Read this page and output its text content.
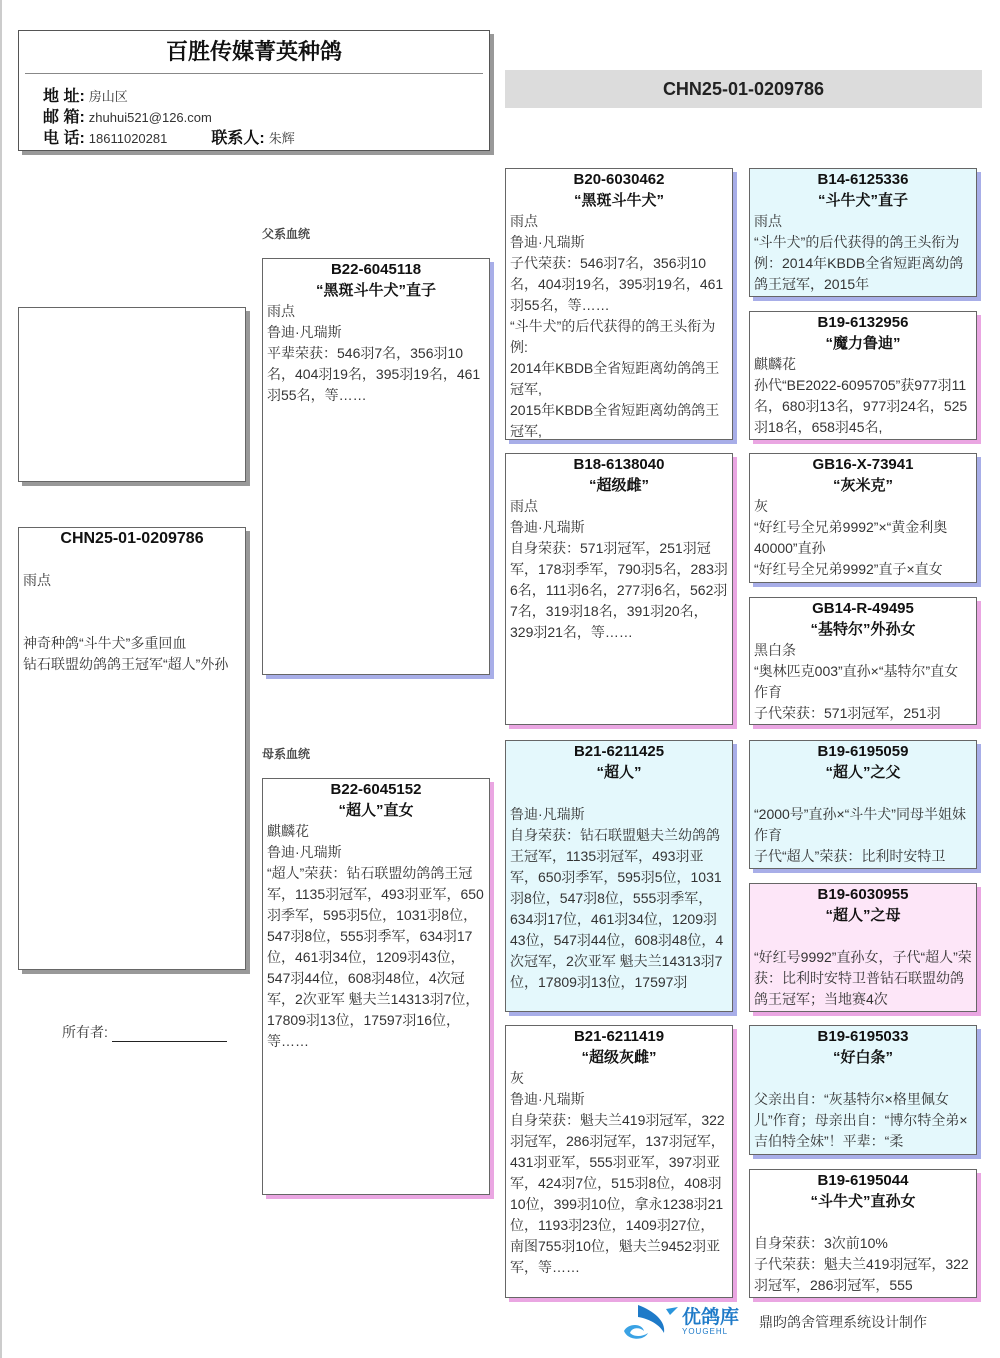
百胜传媒菁英种鸽
地 址: 房山区
邮 箱: zhuhui521@126.com
电 话: 18611020281	联系人: 朱辉
CHN25-01-0209786
CHN25-01-0209786

雨点

神奇种鸽“斗牛犬”多重回血

钻石联盟幼鸽鸽王冠军“超人”外孙

父系血统
母系血统
所有者:
B22-6045118
“黑斑斗牛犬”直子

雨点

鲁迪·凡瑞斯

平辈荣获：546羽7名，356羽10名，404羽19名，395羽19名，461羽55名，等……

B22-6045152
“超人”直女

麒麟花

鲁迪·凡瑞斯

“超人”荣获：钻石联盟幼鸽鸽王冠军，1135羽冠军，493羽亚军，650羽季军，595羽5位，1031羽8位，547羽8位，555羽季军，634羽17位，461羽34位，1209羽43位，547羽44位，608羽48位，4次冠军，2次亚军 魁夫兰14313羽7位，17809羽13位，17597羽16位，等……

B20-6030462
“黑斑斗牛犬”

雨点

鲁迪·凡瑞斯

子代荣获：546羽7名，356羽10名，404羽19名，395羽19名，461羽55名，等……

“斗牛犬”的后代获得的鸽王头衔为例:

2014年KBDB全省短距离幼鸽鸽王冠军,

2015年KBDB全省短距离幼鸽鸽王冠军,

B18-6138040
“超级雌”

雨点

鲁迪·凡瑞斯

自身荣获：571羽冠军，251羽冠军，178羽季军，790羽5名，283羽6名，111羽6名，277羽6名，562羽7名，319羽18名，391羽20名，329羽21名，等……

B21-6211425
“超人”

鲁迪·凡瑞斯

自身荣获：钻石联盟魁夫兰幼鸽鸽王冠军，1135羽冠军，493羽亚军，650羽季军，595羽5位，1031羽8位，547羽8位，555羽季军，634羽17位，461羽34位，1209羽43位，547羽44位，608羽48位，4次冠军，2次亚军 魁夫兰14313羽7位，17809羽13位，17597羽

B21-6211419
“超级灰雌”

灰

鲁迪·凡瑞斯

自身荣获：魁夫兰419羽冠军，322羽冠军，286羽冠军，137羽冠军，431羽亚军，555羽亚军，397羽亚军，424羽7位，515羽8位，408羽10位，399羽10位，拿永1238羽21位，1193羽23位，1409羽27位，南图755羽10位，魁夫兰9452羽亚军，等……

B14-6125336
“斗牛犬”直子

雨点

“斗牛犬”的后代获得的鸽王头衔为例：2014年KBDB全省短距离幼鸽鸽王冠军，2015年

B19-6132956
“魔力鲁迪”

麒麟花

孙代“BE2022-6095705”获977羽11名，680羽13名，977羽24名，525羽18名，658羽45名,

GB16-X-73941
“灰米克”

灰

“好红号全兄弟9992”×“黄金利奥40000”直孙

“好红号全兄弟9992”直子×直女

GB14-R-49495
“基特尔”外孙女

黑白条

“奥林匹克003”直孙×“基特尔”直女 作育

子代荣获：571羽冠军，251羽

B19-6195059
“超人”之父

“2000号”直孙×“斗牛犬”同母半姐妹作育

子代“超人”荣获：比利时安特卫

B19-6030955
“超人”之母

“好红号9992”直孙女，子代“超人”荣获：比利时安特卫普钻石联盟幼鸽鸽王冠军；当地赛4次

B19-6195033
“好白条”

父亲出自：“灰基特尔×格里佩女儿”作育；母亲出自：“博尔特全弟×吉伯特全妹”！平辈：“柔

B19-6195044
“斗牛犬”直孙女

自身荣获：3次前10%

子代荣获：魁夫兰419羽冠军，322羽冠军，286羽冠军，555

优鸽库
YOUGEHL
鼎昀鸽舍管理系统设计制作
